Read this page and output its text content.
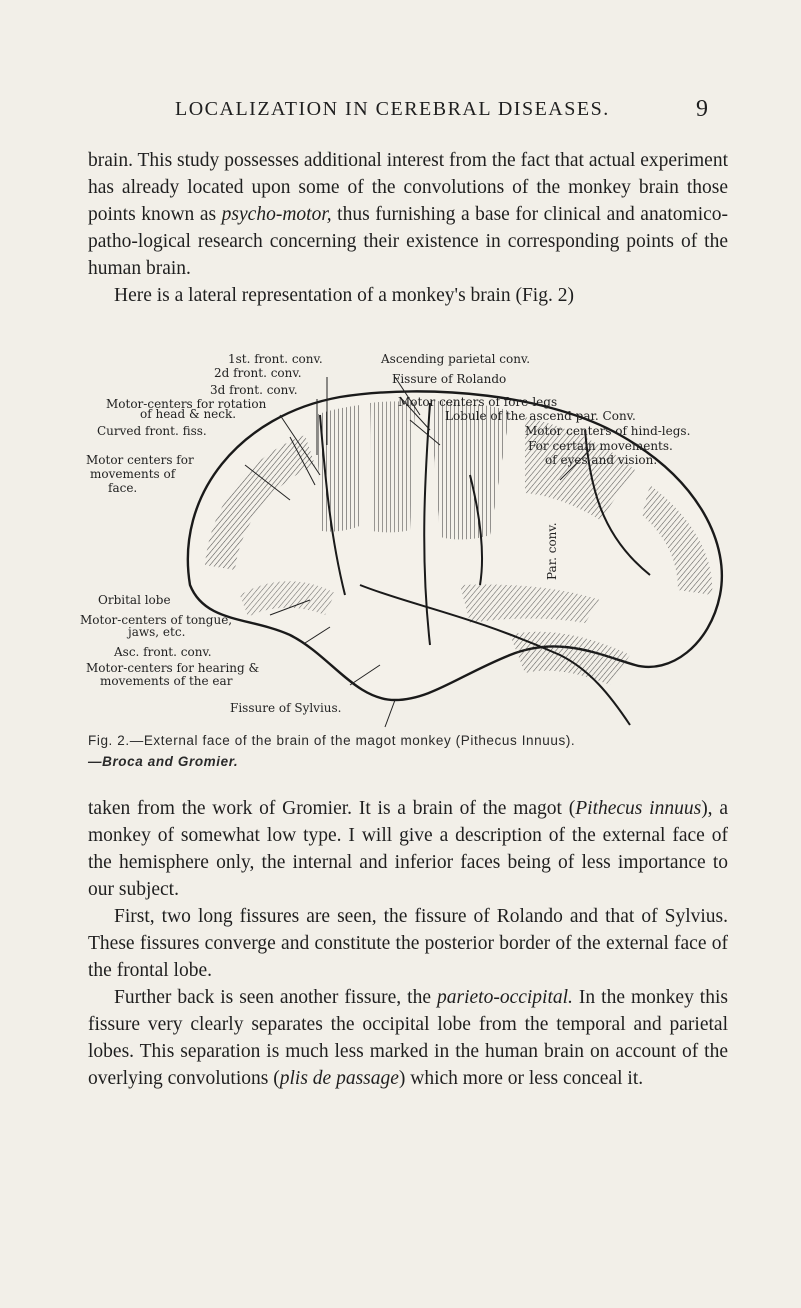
LOCALIZATION IN CEREBRAL DISEASES.	9

brain. This study possesses additional interest from the fact that actual experiment has already located upon some of the convolutions of the monkey brain those points known as psycho-motor, thus furnishing a base for clinical and anatomico-patho-logical research concerning their existence in corresponding points of the human brain.

Here is a lateral representation of a monkey's brain (Fig. 2)

1st. front. conv.	Ascending parietal conv.
2d front. conv.	Fissure of Rolando
3d front. conv.
Motor-centers for rotation
of head & neck.
Motor centers of fore-legs
Lobule of the ascend par. Conv.
Curved front. fiss.	Motor centers of hind-legs.
For certain movements.
Motor centers for	of eyes and vision.
movements of
face.
Orbital lobe
Motor-centers of tongue,
jaws, etc.
Asc. front. conv.
Motor-centers for hearing &
movements of the ear
Fissure of Sylvius.
Par. conv.
Fig. 2.—External face of the brain of the magot monkey (Pithecus Innuus).
—Broca and Gromier.

taken from the work of Gromier. It is a brain of the magot (Pithecus innuus), a monkey of somewhat low type. I will give a description of the external face of the hemisphere only, the internal and inferior faces being of less importance to our subject.

First, two long fissures are seen, the fissure of Rolando and that of Sylvius. These fissures converge and constitute the posterior border of the external face of the frontal lobe.

Further back is seen another fissure, the parieto-occipital. In the monkey this fissure very clearly separates the occipital lobe from the temporal and parietal lobes. This separation is much less marked in the human brain on account of the overlying convolutions (plis de passage) which more or less conceal it.
